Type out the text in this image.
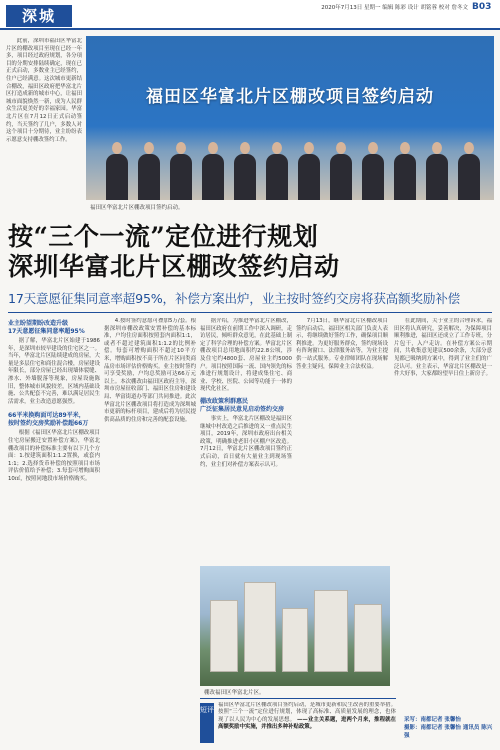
深城	2020年7月13日 星期一 编辑 陈彩 设计 胡铭蓉 校对 詹冬文 B03

此前，深圳市福田区华富北片区的棚改项目至现在已经一年多，项目经过政府规划，各分项目的分期安排陆续确定，现在已正式启动，多数业主已经签约，住户已经满意。这次城市更新结合棚改，福田区政府把华富北片区打造成新的城市中心，让福田城市面貌焕然一新，成为人民群众生活更美好的幸福家园。华富北片区在7月12日正式启动签约，当天签约了几户，多数人对这个项目十分期待，业主纷纷表示愿意支持棚改签约工作。

福田区华富北片区棚改项目签约启动
福田区华富北片区棚改项目签约启动。
按“三个一流”定位进行规划
深圳华富北片区棚改签约启动
17天意愿征集同意率超95%，补偿方案出炉，业主按时签约交房将获高额奖励补偿
业主盼望期盼改造升级
17天意愿征集同意率超95%

据了解，华富北片区始建于1986年，是深圳市较早建设的住宅区之一。当年，华富北片区陆续建成的房屋，大量是多层住宅和商住混合楼，房屋建设年限长，部分房屋已经出现墙体裂缝、渗水、外墙脱落等现象，房屋设施陈旧，整体城市风貌较差，区域内基础设施、公共配套不完善，难以满足居民生活需求，业主改造意愿强烈。

66平米换购面可达89平米，
按时签约交房奖励补偿超66万

根据《福田区华富北片区棚改项目住宅房屋搬迁安置补偿方案》，华富北棚改项目的补偿标准主要有以下几个方面：1.按建筑面积1:1.2置换，或套内1:1；2.选择货币补偿的按照项目市场评估价值给予补偿；3.每套可增购面积10㎡，按照同地段市场价格购买。

4.按时签约意愿可叠加5万/套。根据深圳市棚改政策安置补偿的基本标准，户均住房面积按照套内面积1:1，或者不超过建筑面积1:1.2的比例补偿。每套可增购面积不超过10平方米，增购面积按不高于所在片区同类商品房市场评估价格购买。业主按时签约可享受奖励，户均总奖励可达66万元以上。本次棚改由福田区政府主导，深圳市房屋征收部门、福田区住房和建设局、华富街道办等部门共同推进。此次华富北片区棚改项目将打造成为深圳城市更新的标杆项目，建成后将为居民提供高品质的住房和完善的配套设施。

据介绍，为推进华富北片区棚改，福田区政府在前期工作中深入调研，走访居民，倾听群众意见，在此基础上制定了科学合理的补偿方案。华富北片区棚改项目总用地面积约22.8公顷，涉及住宅约4800套、房屋业主约5000户。项目按照国际一流、国内领先的标准进行规划设计，将建成集住宅、商业、学校、医院、公园等功能于一体的现代化社区。

棚改政策利群惠民
广泛征集居民意见启动签约交房

事实上，华富北片区棚改是福田区继城中村改造之后推进的又一重点民生项目，2019年，深圳市政府出台相关政策，明确推进老旧小区棚户区改造。7月12日，华富北片区棚改项目签约正式启动，首日就有大量业主到现场签约，业主们对补偿方案表示认可。

7月13日，继华富北片区棚改项目签约启动后，福田区相关部门负责人表示，将继续做好签约工作，确保项目顺利推进。为更好服务群众，签约现场设有咨询窗口、法律服务站等，为业主提供一站式服务。专业律师团队在现场解答业主疑问，保障业主合法权益。

在此期间，关于业主的合理诉求，福田区将认真研究，妥善解决，为保障项目顺利推进，福田区还成立了工作专班，分片包干，入户走访。在补偿方案公示期间，共收集意见建议500余条，大部分意见都已吸纳到方案中，得到了业主们的广泛认可。业主表示，华富北片区棚改是一件大好事，大家都盼望早日住上新房子。

棚改福田区华富北片区。
短评
福田区华富北片区棚改项目签约启动，是城市更新和民生改善的重要举措。按照“三个一流”定位进行规划，体现了高标准、高质量发展的理念，也体现了以人民为中心的发展思想。 ——业主关系题，进两个月来，推程就在高额奖励中实施，并推出多种补贴政策。
采写：南都记者 张馨怡
摄影：南都记者 张馨怡 通讯员 陈兴强
